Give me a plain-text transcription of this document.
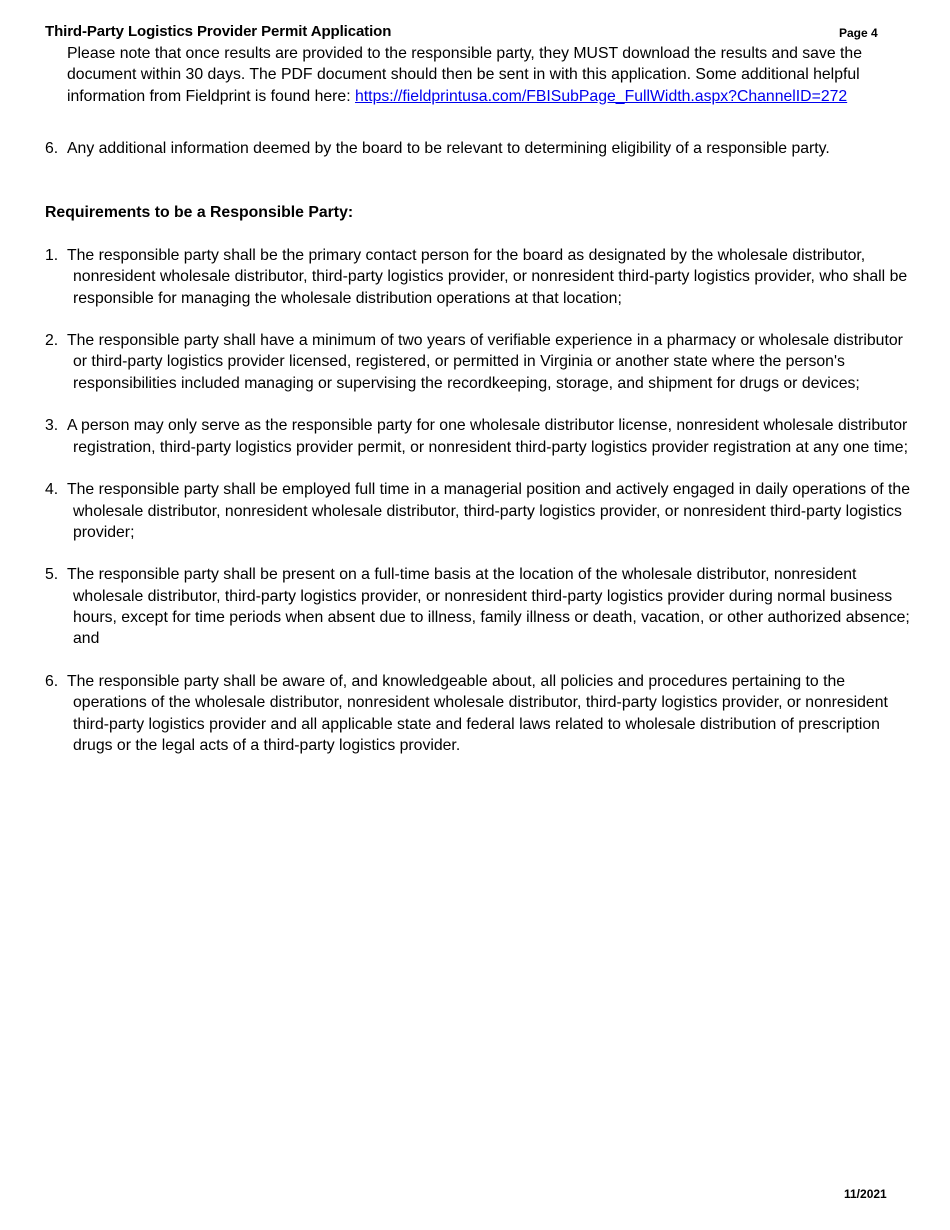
Third-Party Logistics Provider Permit Application	Page 4
Please note that once results are provided to the responsible party, they MUST download the results and save the document within 30 days. The PDF document should then be sent in with this application. Some additional helpful information from Fieldprint is found here: https://fieldprintusa.com/FBISubPage_FullWidth.aspx?ChannelID=272
6. Any additional information deemed by the board to be relevant to determining eligibility of a responsible party.
Requirements to be a Responsible Party:
1. The responsible party shall be the primary contact person for the board as designated by the wholesale distributor, nonresident wholesale distributor, third-party logistics provider, or nonresident third-party logistics provider, who shall be responsible for managing the wholesale distribution operations at that location;
2. The responsible party shall have a minimum of two years of verifiable experience in a pharmacy or wholesale distributor or third-party logistics provider licensed, registered, or permitted in Virginia or another state where the person's responsibilities included managing or supervising the recordkeeping, storage, and shipment for drugs or devices;
3. A person may only serve as the responsible party for one wholesale distributor license, nonresident wholesale distributor registration, third-party logistics provider permit, or nonresident third-party logistics provider registration at any one time;
4. The responsible party shall be employed full time in a managerial position and actively engaged in daily operations of the wholesale distributor, nonresident wholesale distributor, third-party logistics provider, or nonresident third-party logistics provider;
5. The responsible party shall be present on a full-time basis at the location of the wholesale distributor, nonresident wholesale distributor, third-party logistics provider, or nonresident third-party logistics provider during normal business hours, except for time periods when absent due to illness, family illness or death, vacation, or other authorized absence; and
6. The responsible party shall be aware of, and knowledgeable about, all policies and procedures pertaining to the operations of the wholesale distributor, nonresident wholesale distributor, third-party logistics provider, or nonresident third-party logistics provider and all applicable state and federal laws related to wholesale distribution of prescription drugs or the legal acts of a third-party logistics provider.
11/2021
